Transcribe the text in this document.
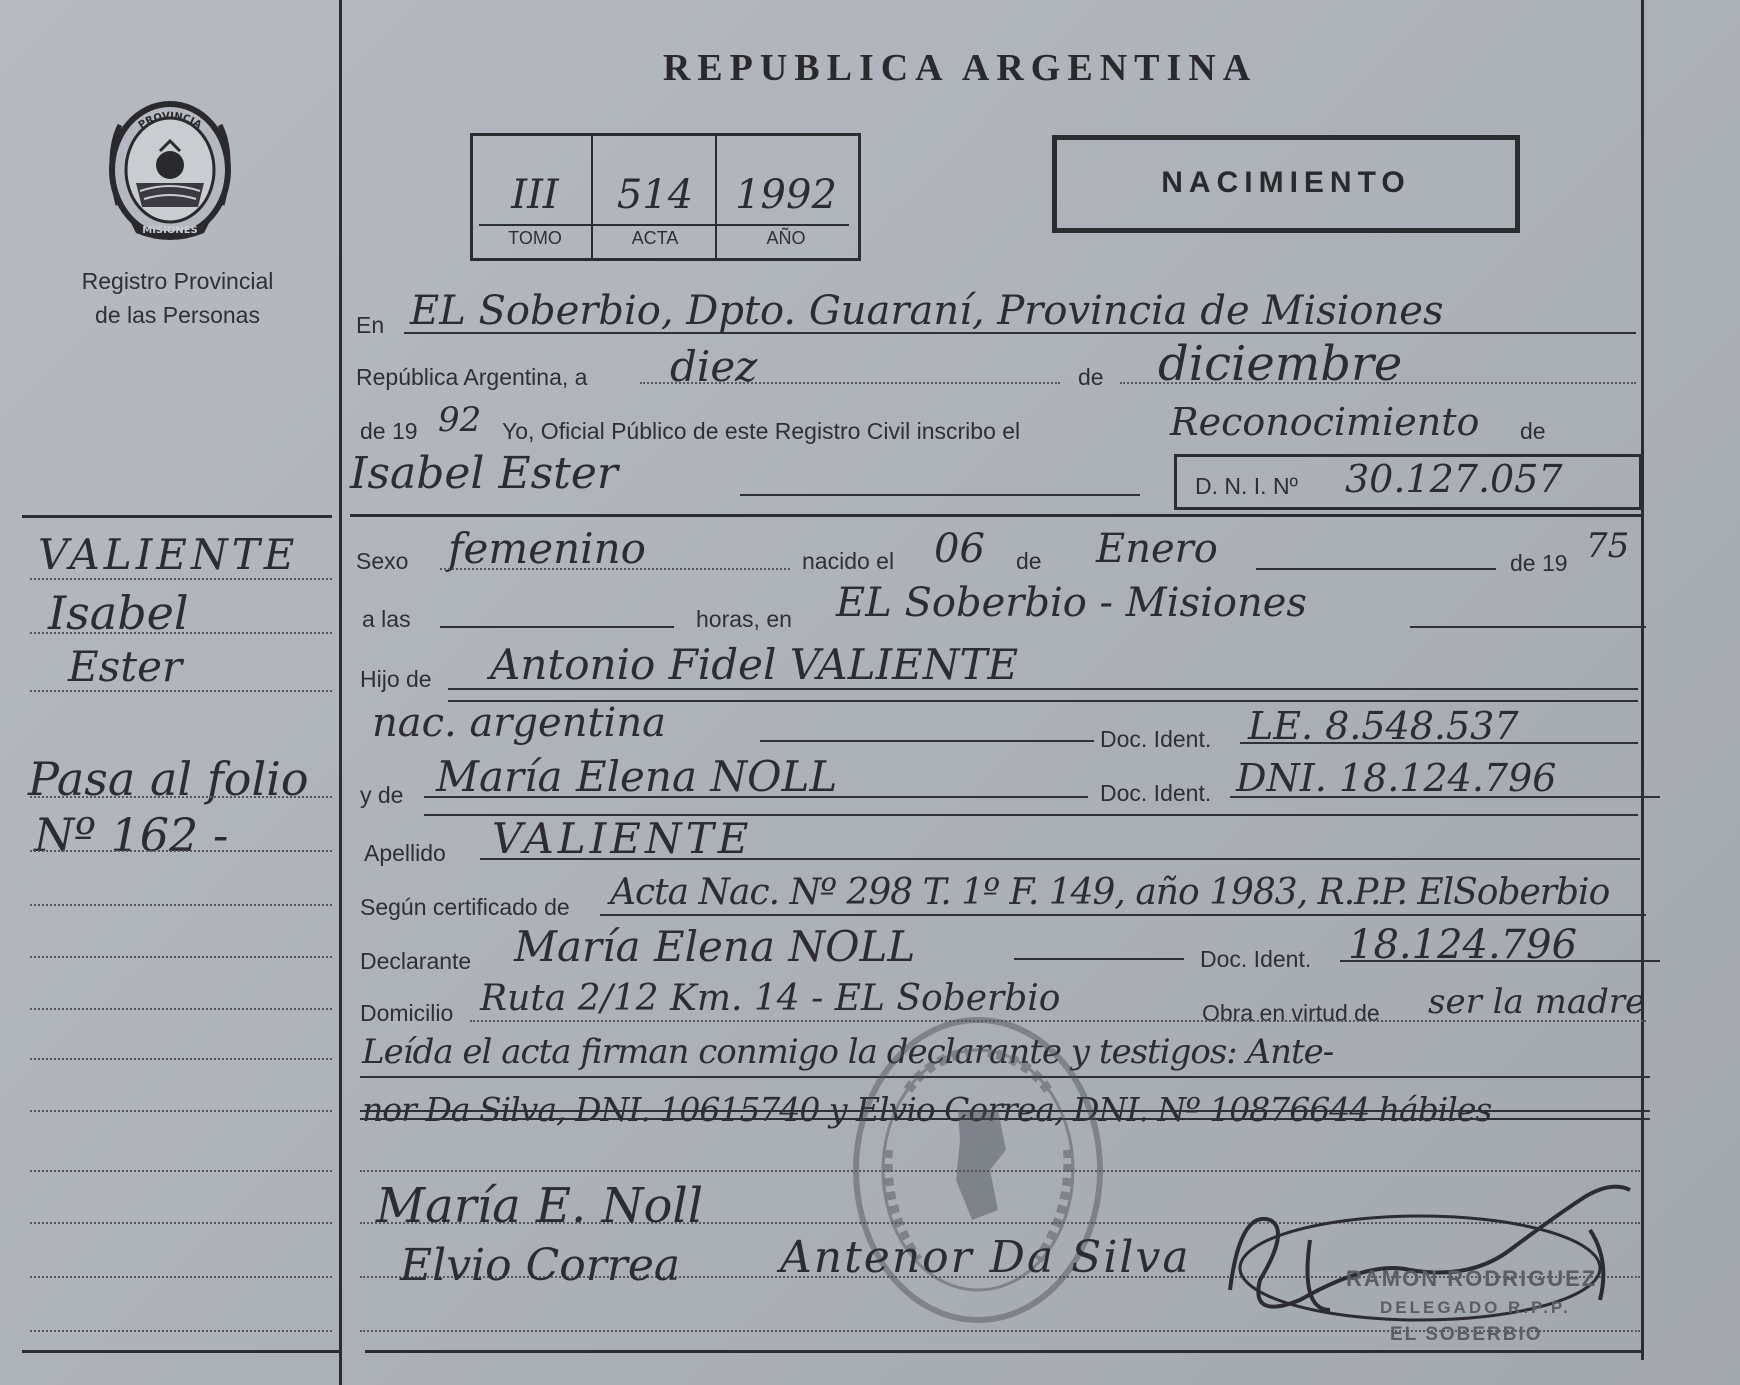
PROVINCIA
MISIONES
Registro Provincial
de las Personas
REPUBLICA ARGENTINA
III	514	1992
TOMO	ACTA	AÑO
NACIMIENTO
VALIENTE
Isabel
Ester
Pasa al folio
Nº 162 -
En EL Soberbio, Dpto. Guaraní, Provincia de Misiones
República Argentina, a diez	de diciembre
de 19 92 Yo, Oficial Público de este Registro Civil inscribo el	Reconocimiento de
Isabel Ester	D. N. I. Nº 30.127.057
Sexo femenino	nacido el 06 de Enero	de 19 75
a las	horas, en EL Soberbio - Misiones
Hijo de Antonio Fidel VALIENTE
nac. argentina	Doc. Ident. LE. 8.548.537
y de María Elena NOLL	Doc. Ident. DNI. 18.124.796
Apellido VALIENTE
Según certificado de Acta Nac. Nº 298 T. 1º F. 149, año 1983, R.P.P. ElSoberbio
Declarante María Elena NOLL	Doc. Ident. 18.124.796
Domicilio Ruta 2/12 Km. 14 - EL Soberbio	Obra en virtud de ser la madre
Leída el acta firman conmigo la declarante y testigos: Ante-
nor Da Silva, DNI. 10615740 y Elvio Correa, DNI. Nº 10876644 hábiles
María E. Noll
Elvio Correa Antenor Da Silva	RAMON RODRIGUEZ
DELEGADO R.P.P.
EL SOBERBIO
